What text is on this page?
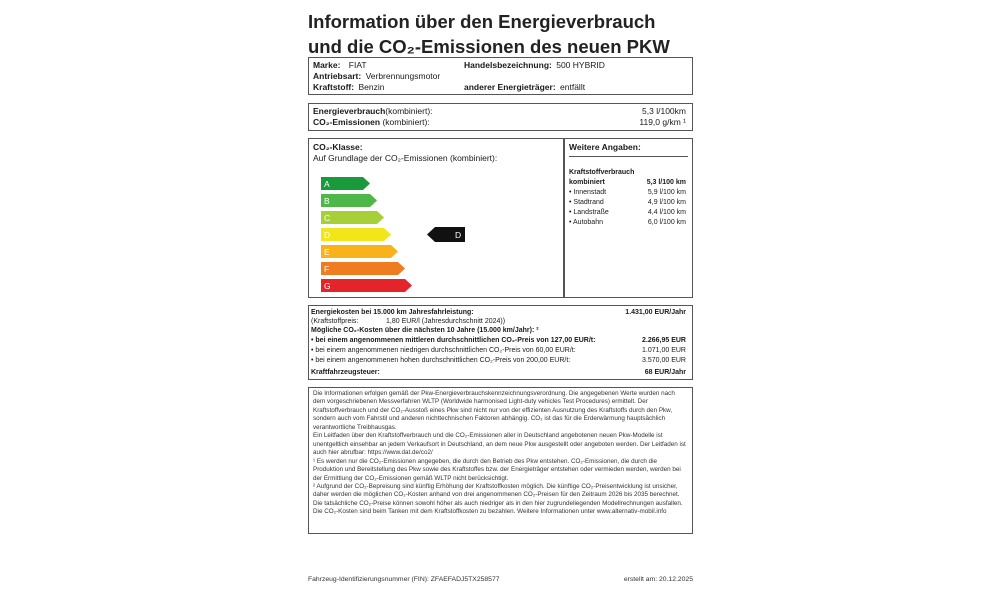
Information über den Energieverbrauch
und die CO₂-Emissionen des neuen PKW
Marke: FIAT
Antriebsart: Verbrennungsmotor
Kraftstoff: Benzin
Handelsbezeichnung: 500 HYBRID
anderer Energieträger: entfällt
Energieverbrauch(kombiniert):	5,3 l/100km
CO₂-Emissionen (kombiniert):	119,0 g/km ¹
CO₂-Klasse:
Auf Grundlage der CO₂-Emissionen (kombiniert):
A
B
C
D
E
F
G
D
Weitere Angaben:
Kraftstoffverbrauch
kombiniert	5,3 l/100 km
• Innenstadt	5,9 l/100 km
• Stadtrand	4,9 l/100 km
• Landstraße	4,4 l/100 km
• Autobahn	6,0 l/100 km
Energiekosten bei 15.000 km Jahresfahrleistung:	1.431,00 EUR/Jahr
(Kraftstoffpreis:	1,80 EUR/l (Jahresdurchschnitt 2024))
Mögliche CO₂-Kosten über die nächsten 10 Jahre (15.000 km/Jahr): ²
• bei einem angenommenen mittleren durchschnittlichen CO₂-Preis von 127,00 EUR/t:	2.266,95 EUR
• bei einem angenommenen niedrigen durchschnittlichen CO₂-Preis von 60,00 EUR/t:	1.071,00 EUR
• bei einem angenommenen hohen durchschnittlichen CO₂-Preis von 200,00 EUR/t:	3.570,00 EUR
Kraftfahrzeugsteuer:	68 EUR/Jahr
Die Informationen erfolgen gemäß der Pkw-Energieverbrauchskennzeichnungsverordnung. Die angegebenen Werte wurden nach dem vorgeschriebenen Messverfahren WLTP (Worldwide harmonised Light-duty vehicles Test Procedures) ermittelt. Der Kraftstoffverbrauch und der CO₂-Ausstoß eines Pkw sind nicht nur von der effizienten Ausnutzung des Kraftstoffs durch den Pkw, sondern auch vom Fahrstil und anderen nichttechnischen Faktoren abhängig. CO₂ ist das für die Erderwärmung hauptsächlich verantwortliche Treibhausgas.
Ein Leitfaden über den Kraftstoffverbrauch und die CO₂-Emissionen aller in Deutschland angebotenen neuen Pkw-Modelle ist unentgeltlich einsehbar an jedem Verkaufsort in Deutschland, an dem neue Pkw ausgestellt oder angeboten werden. Der Leitfaden ist auch hier abrufbar: https://www.dat.de/co2/
¹ Es werden nur die CO₂-Emissionen angegeben, die durch den Betrieb des Pkw entstehen. CO₂-Emissionen, die durch die Produktion und Bereitstellung des Pkw sowie des Kraftstoffes bzw. der Energieträger entstehen oder vermieden werden, werden bei der Ermittlung der CO₂-Emissionen gemäß WLTP nicht berücksichtigt.
² Aufgrund der CO₂-Bepreisung sind künftig Erhöhung der Kraftstoffkosten möglich. Die künftige CO₂-Preisentwicklung ist unsicher, daher werden die möglichen CO₂-Kosten anhand von drei angenommenen CO₂-Preisen für den Zeitraum 2026 bis 2035 berechnet. Die tatsächliche CO₂-Preise können sowohl höher als auch niedriger als in den hier zugrundeliegenden Modellrechnungen ausfallen. Die CO₂-Kosten sind beim Tanken mit dem Kraftstoffkosten zu bezahlen. Weitere Informationen unter www.alternativ-mobil.info
Fahrzeug-Identifizierungsnummer (FIN): ZFAEFADJ5TX258577	erstellt am: 20.12.2025
